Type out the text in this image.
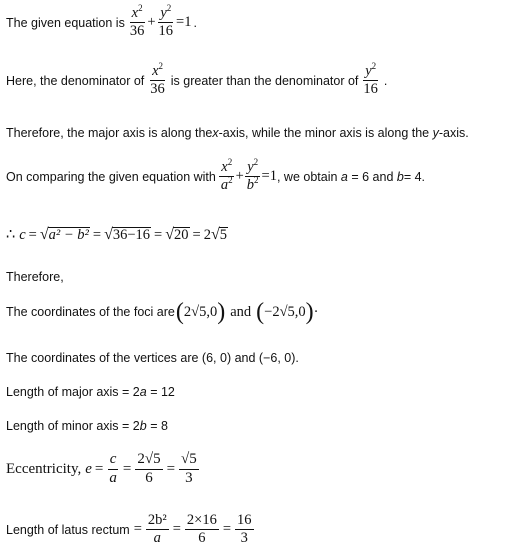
The given equation is $\frac{x^2}{36} + \frac{y^2}{16} =1$ .
Here, the denominator of $\frac{x^2}{36}$ is greater than the denominator of $\frac{y^2}{16}$ .
Therefore, the major axis is along the x -axis, while the minor axis is along the y -axis.
On comparing the given equation with $\frac{x^2}{a^2} + \frac{y^2}{b^2} =1$ , we obtain a = 6 and b = 4.
∴ c = √ a² − b² = √ 36−16 = √ 20 = 2 √ 5
Therefore,
The coordinates of the foci are ( 2√5,0 ) and ( −2√5,0 ) ·
The coordinates of the vertices are (6, 0) and (−6, 0).
Length of major axis = 2 a = 12
Length of minor axis = 2 b = 8
Eccentricity, $e = \frac{c}{a} = \frac{2√5}{6} = \frac{√5}{3}$
Length of latus rectum = $\frac{\text{2b²}}{a} = \frac{2\times 16}{6} = \frac{16}{3}$
